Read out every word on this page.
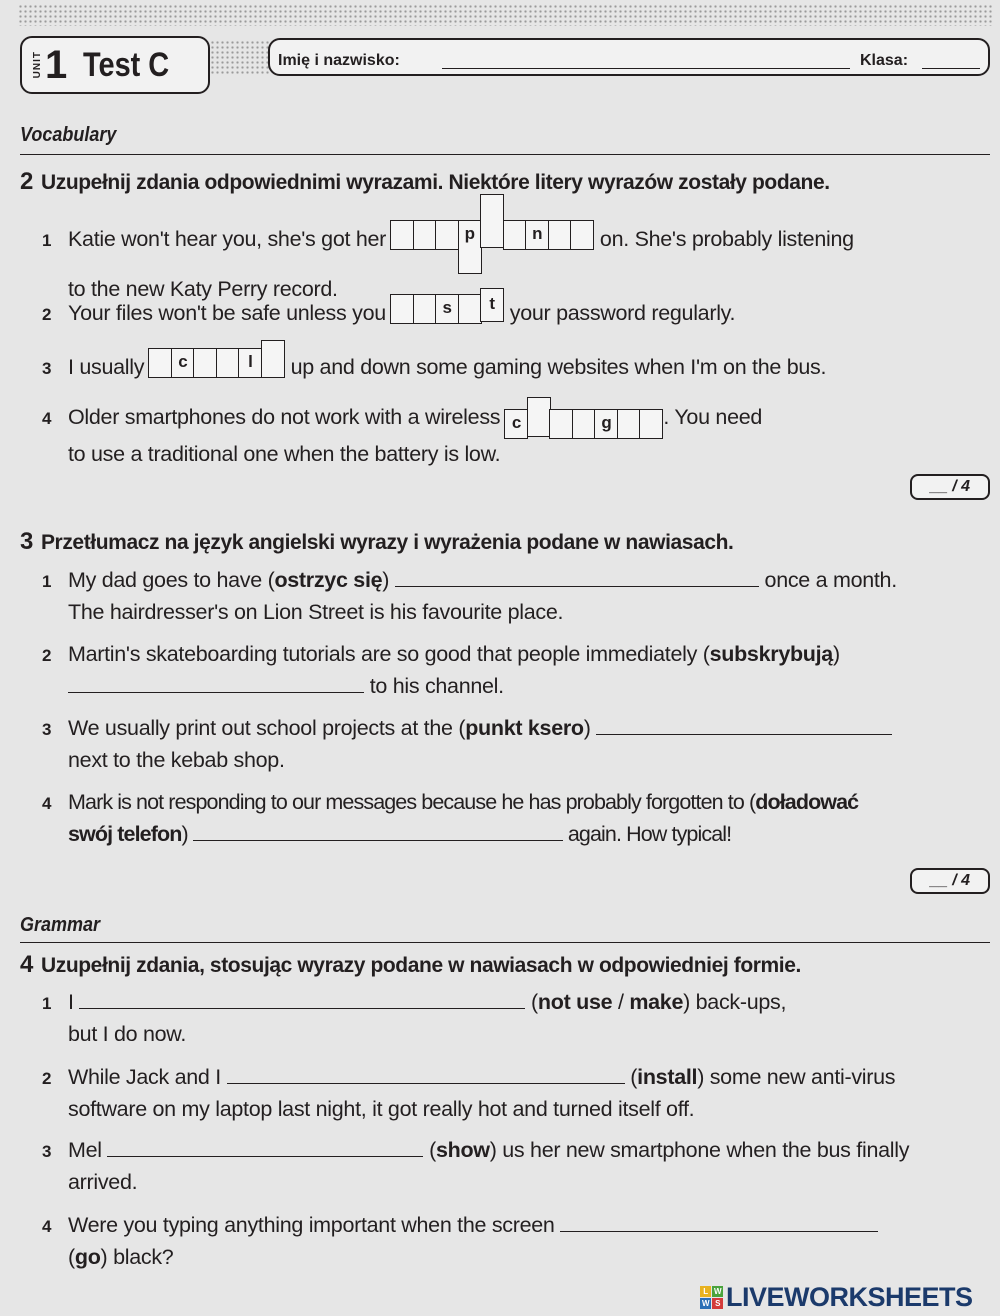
UNIT 1 Test C	Imię i nazwisko:	Klasa:
Vocabulary
2 Uzupełnij zdania odpowiednimi wyrazami. Niektóre litery wyrazów zostały podane.
1 Katie won't hear you, she's got her	p	n	on. She's probably listening
to the new Katy Perry record.
2 Your files won't be safe unless you	s	t your password regularly.
3 I usually	c	l	up and down some gaming websites when I'm on the bus.
4 Older smartphones do not work with a wireless c	g	. You need
to use a traditional one when the battery is low.
__ / 4
3 Przetłumacz na język angielski wyrazy i wyrażenia podane w nawiasach.
1 My dad goes to have (ostrzyc się)	once a month.
The hairdresser's on Lion Street is his favourite place.
2 Martin's skateboarding tutorials are so good that people immediately (subskrybują)
to his channel.
3 We usually print out school projects at the (punkt ksero)
next to the kebab shop.
4 Mark is not responding to our messages because he has probably forgotten to (doładować
swój telefon)	again. How typical!
__ / 4
Grammar
4 Uzupełnij zdania, stosując wyrazy podane w nawiasach w odpowiedniej formie.
1 I	(not use / make) back-ups,
but I do now.
2 While Jack and I	(install) some new anti-virus
software on my laptop last night, it got really hot and turned itself off.
3 Mel	(show) us her new smartphone when the bus finally
arrived.
4 Were you typing anything important when the screen
(go) black?
L W
W S LIVEWORKSHEETS
